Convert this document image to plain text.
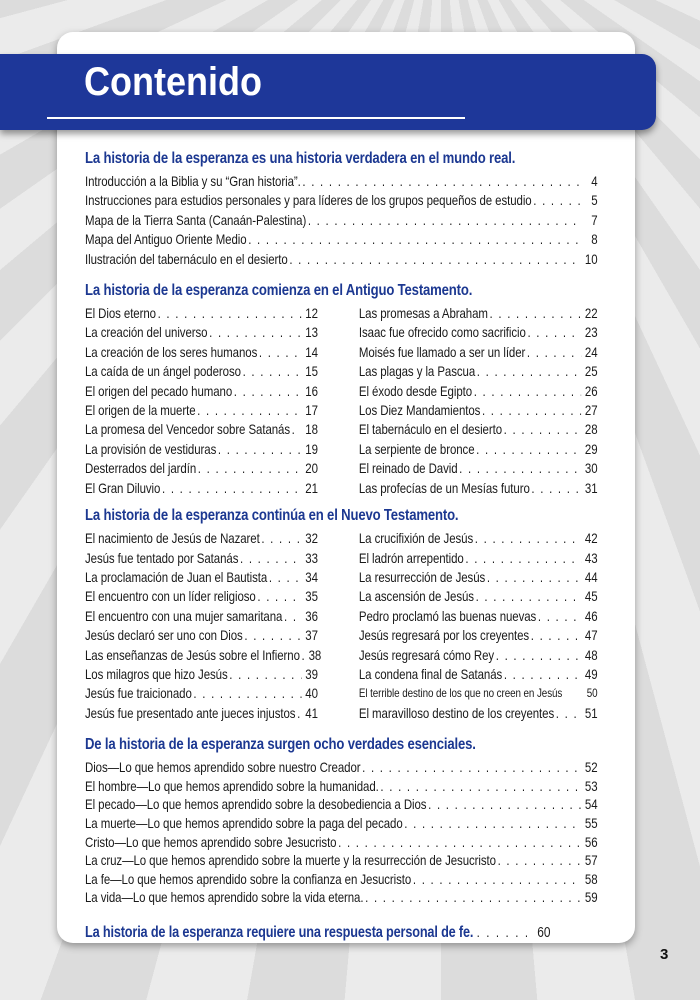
Contenido
La historia de la esperanza es una historia verdadera en el mundo real.
Introducción a la Biblia y su “Gran historia”. . . .	4
Instrucciones para estudios personales y para líderes de los grupos pequeños de estudio . . .	5
Mapa de la Tierra Santa (Canaán-Palestina) . . .	7
Mapa del Antiguo Oriente Medio . . .	8
Ilustración del tabernáculo en el desierto . . .	10
La historia de la esperanza comienza en el Antiguo Testamento.
El Dios eterno . . .	12
La creación del universo . . .	13
La creación de los seres humanos . . .	14
La caída de un ángel poderoso . . .	15
El origen del pecado humano . . .	16
El origen de la muerte . . .	17
La promesa del Vencedor sobre Satanás . . . 18
La provisión de vestiduras . . .	19
Desterrados del jardín . . .	20
El Gran Diluvio . . .	21
Las promesas a Abraham . . .	22
Isaac fue ofrecido como sacrificio . . .	23
Moisés fue llamado a ser un líder . . .	24
Las plagas y la Pascua . . .	25
El éxodo desde Egipto . . .	26
Los Diez Mandamientos . . .	27
El tabernáculo en el desierto . . .	28
La serpiente de bronce . . .	29
El reinado de David . . .	30
Las profecías de un Mesías futuro . . .	31
La historia de la esperanza continúa en el Nuevo Testamento.
El nacimiento de Jesús de Nazaret . . .	32
Jesús fue tentado por Satanás . . .	33
La proclamación de Juan el Bautista . . .	34
El encuentro con un líder religioso . . .	35
El encuentro con una mujer samaritana . . . 36
Jesús declaró ser uno con Dios . . .	37
Las enseñanzas de Jesús sobre el Infierno . . . 38
Los milagros que hizo Jesús . . .	39
Jesús fue traicionado . . .	40
Jesús fue presentado ante jueces injustos . . . 41
La crucifixión de Jesús . . .	42
El ladrón arrepentido . . .	43
La resurrección de Jesús . . .	44
La ascensión de Jesús . . .	45
Pedro proclamó las buenas nuevas . . .	46
Jesús regresará por los creyentes . . .	47
Jesús regresará cómo Rey . . .	48
La condena final de Satanás . . .	49
El terrible destino de los que no creen en Jesús	50
El maravilloso destino de los creyentes . . . 51
De la historia de la esperanza surgen ocho verdades esenciales.
Dios—Lo que hemos aprendido sobre nuestro Creador . . .	52
El hombre—Lo que hemos aprendido sobre la humanidad. . . .	53
El pecado—Lo que hemos aprendido sobre la desobediencia a Dios . . .	54
La muerte—Lo que hemos aprendido sobre la paga del pecado . . .	55
Cristo—Lo que hemos aprendido sobre Jesucristo . . .	56
La cruz—Lo que hemos aprendido sobre la muerte y la resurrección de Jesucristo . . .	57
La fe—Lo que hemos aprendido sobre la confianza en Jesucristo . . .	58
La vida—Lo que hemos aprendido sobre la vida eterna. . . .	59
La historia de la esperanza requiere una respuesta personal de fe. . . .	60
3
